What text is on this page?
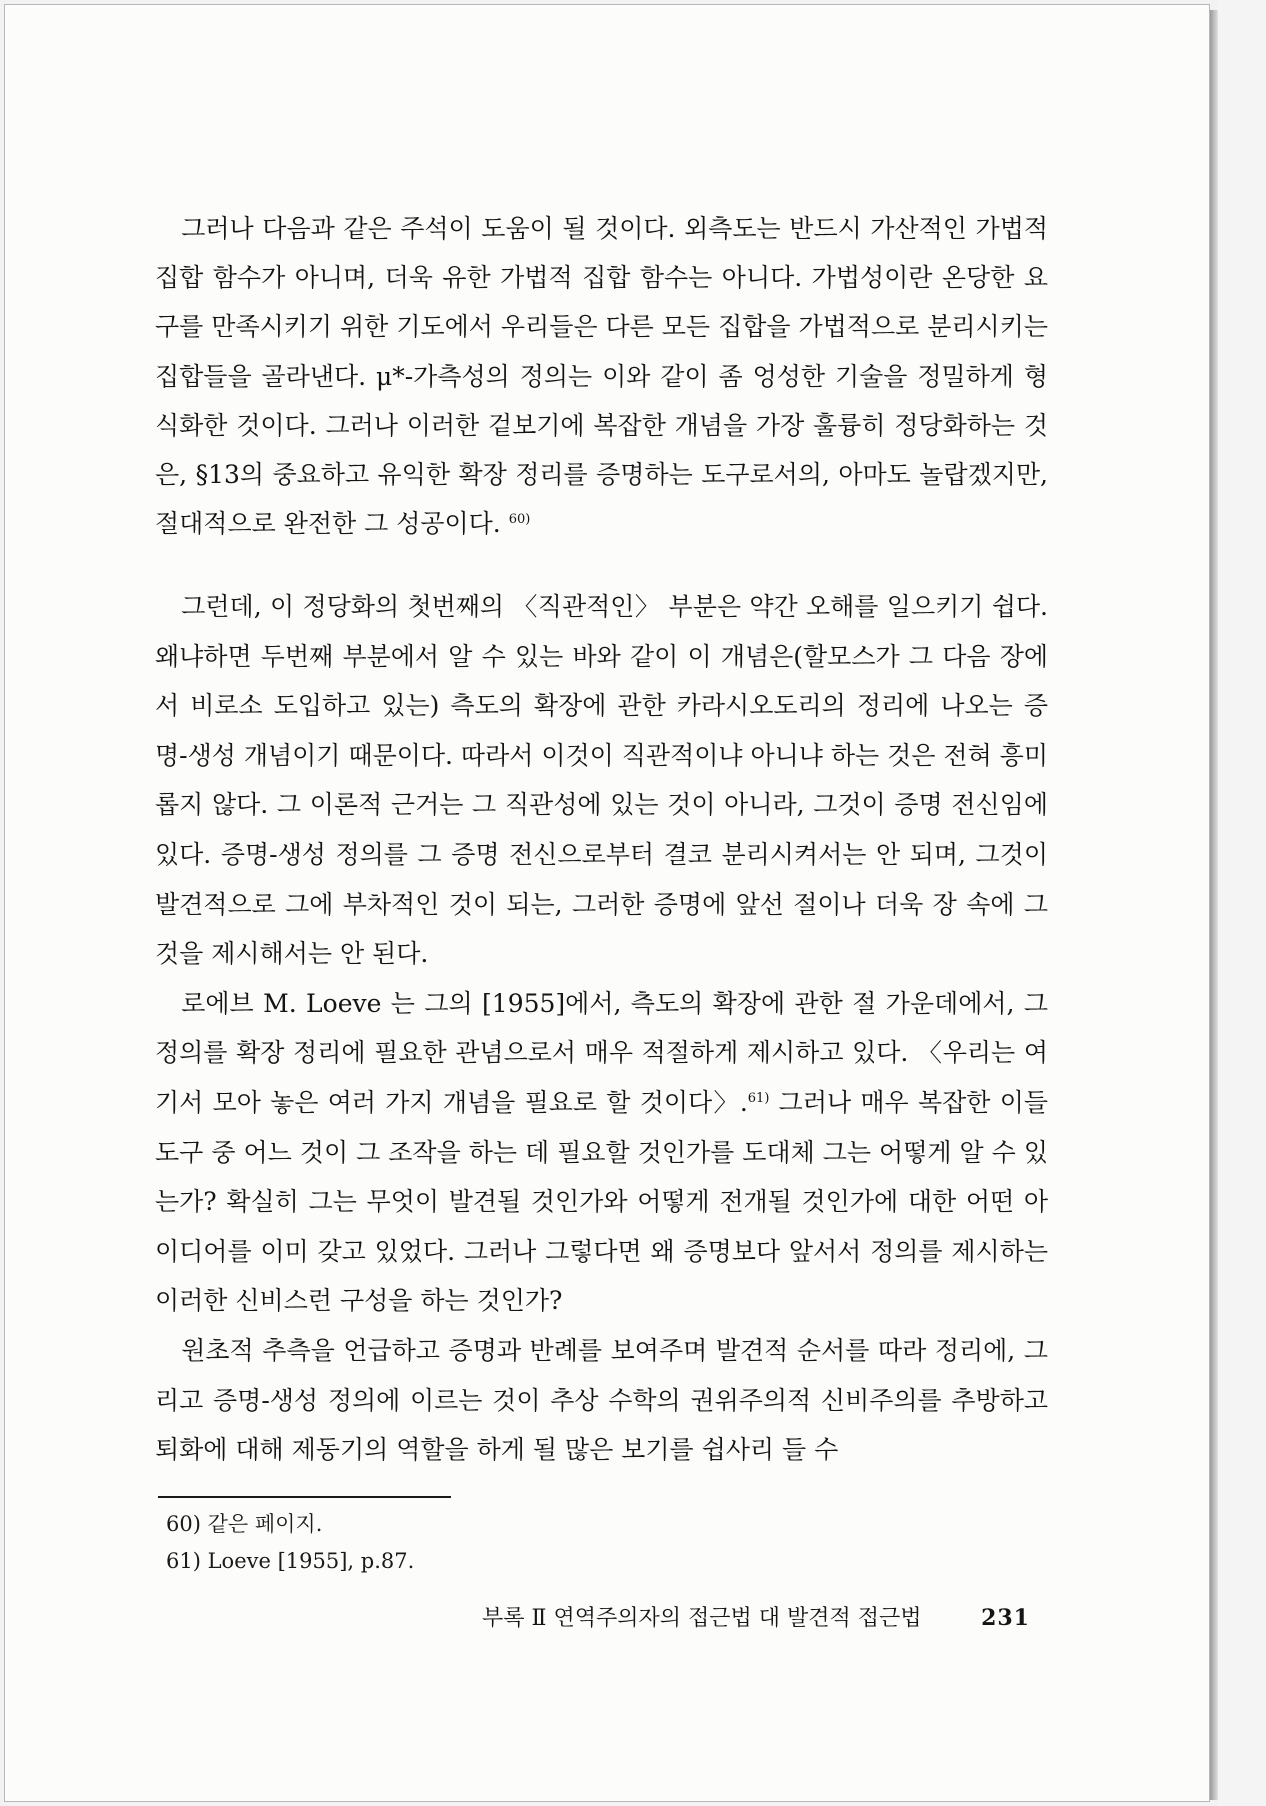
그러나 다음과 같은 주석이 도움이 될 것이다. 외측도는 반드시 가산적인 가법적 집합 함수가 아니며, 더욱 유한 가법적 집합 함수는 아니다. 가법성이란 온당한 요구를 만족시키기 위한 기도에서 우리들은 다른 모든 집합을 가법적으로 분리시키는 집합들을 골라낸다. μ*-가측성의 정의는 이와 같이 좀 엉성한 기술을 정밀하게 형식화한 것이다. 그러나 이러한 겉보기에 복잡한 개념을 가장 훌륭히 정당화하는 것은, §13의 중요하고 유익한 확장 정리를 증명하는 도구로서의, 아마도 놀랍겠지만, 절대적으로 완전한 그 성공이다. $^{60)}$

그런데, 이 정당화의 첫번째의 〈직관적인〉 부분은 약간 오해를 일으키기 쉽다. 왜냐하면 두번째 부분에서 알 수 있는 바와 같이 이 개념은(할모스가 그 다음 장에서 비로소 도입하고 있는) 측도의 확장에 관한 카라시오도리의 정리에 나오는 증명-생성 개념이기 때문이다. 따라서 이것이 직관적이냐 아니냐 하는 것은 전혀 흥미롭지 않다. 그 이론적 근거는 그 직관성에 있는 것이 아니라, 그것이 증명 전신임에 있다. 증명-생성 정의를 그 증명 전신으로부터 결코 분리시켜서는 안 되며, 그것이 발견적으로 그에 부차적인 것이 되는, 그러한 증명에 앞선 절이나 더욱 장 속에 그것을 제시해서는 안 된다.

로에브 M. Loeve 는 그의 [1955]에서, 측도의 확장에 관한 절 가운데에서, 그 정의를 확장 정리에 필요한 관념으로서 매우 적절하게 제시하고 있다. 〈우리는 여기서 모아 놓은 여러 가지 개념을 필요로 할 것이다〉.$^{61)}$ 그러나 매우 복잡한 이들 도구 중 어느 것이 그 조작을 하는 데 필요할 것인가를 도대체 그는 어떻게 알 수 있는가? 확실히 그는 무엇이 발견될 것인가와 어떻게 전개될 것인가에 대한 어떤 아이디어를 이미 갖고 있었다. 그러나 그렇다면 왜 증명보다 앞서서 정의를 제시하는 이러한 신비스런 구성을 하는 것인가?

원초적 추측을 언급하고 증명과 반례를 보여주며 발견적 순서를 따라 정리에, 그리고 증명-생성 정의에 이르는 것이 추상 수학의 권위주의적 신비주의를 추방하고 퇴화에 대해 제동기의 역할을 하게 될 많은 보기를 쉽사리 들 수

60) 같은 페이지.
61) Loeve [1955], p.87.
부록 Ⅱ 연역주의자의 접근법 대 발견적 접근법	231
